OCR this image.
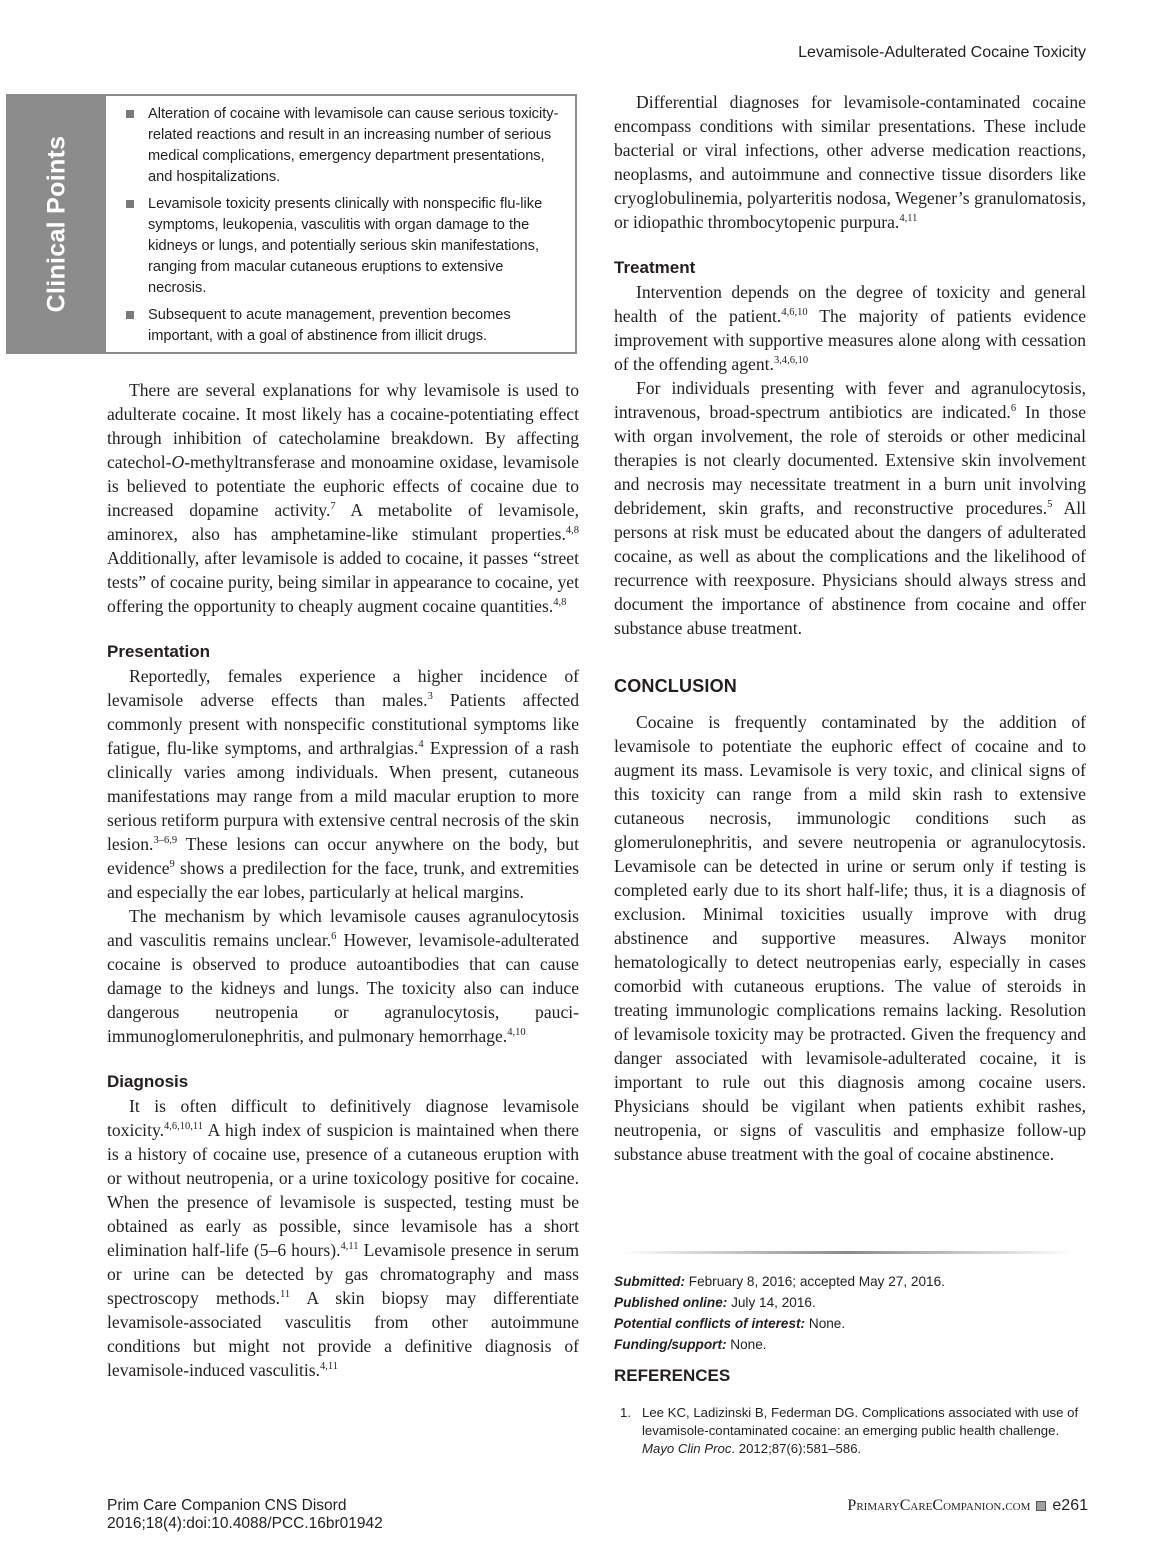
Levamisole-Adulterated Cocaine Toxicity
Clinical Points
Alteration of cocaine with levamisole can cause serious toxicity-related reactions and result in an increasing number of serious medical complications, emergency department presentations, and hospitalizations.
Levamisole toxicity presents clinically with nonspecific flu-like symptoms, leukopenia, vasculitis with organ damage to the kidneys or lungs, and potentially serious skin manifestations, ranging from macular cutaneous eruptions to extensive necrosis.
Subsequent to acute management, prevention becomes important, with a goal of abstinence from illicit drugs.

There are several explanations for why levamisole is used to adulterate cocaine. It most likely has a cocaine-potentiating effect through inhibition of catecholamine breakdown. By affecting catechol-O-methyltransferase and monoamine oxidase, levamisole is believed to potentiate the euphoric effects of cocaine due to increased dopamine activity.$^7$ A metabolite of levamisole, aminorex, also has amphetamine-like stimulant properties.$^{4,8}$ Additionally, after levamisole is added to cocaine, it passes “street tests” of cocaine purity, being similar in appearance to cocaine, yet offering the opportunity to cheaply augment cocaine quantities.$^{4,8}$

Presentation

Reportedly, females experience a higher incidence of levamisole adverse effects than males.$^3$ Patients affected commonly present with nonspecific constitutional symptoms like fatigue, flu-like symptoms, and arthralgias.$^4$ Expression of a rash clinically varies among individuals. When present, cutaneous manifestations may range from a mild macular eruption to more serious retiform purpura with extensive central necrosis of the skin lesion.$^{3-6,9}$ These lesions can occur anywhere on the body, but evidence$^9$ shows a predilection for the face, trunk, and extremities and especially the ear lobes, particularly at helical margins.

The mechanism by which levamisole causes agranulocytosis and vasculitis remains unclear.$^6$ However, levamisole-adulterated cocaine is observed to produce autoantibodies that can cause damage to the kidneys and lungs. The toxicity also can induce dangerous neutropenia or agranulocytosis, pauci-immunoglomerulonephritis, and pulmonary hemorrhage.$^{4,10}$

Diagnosis

It is often difficult to definitively diagnose levamisole toxicity.$^{4,6,10,11}$ A high index of suspicion is maintained when there is a history of cocaine use, presence of a cutaneous eruption with or without neutropenia, or a urine toxicology positive for cocaine. When the presence of levamisole is suspected, testing must be obtained as early as possible, since levamisole has a short elimination half-life (5–6 hours).$^{4,11}$ Levamisole presence in serum or urine can be detected by gas chromatography and mass spectroscopy methods.$^{11}$ A skin biopsy may differentiate levamisole-associated vasculitis from other autoimmune conditions but might not provide a definitive diagnosis of levamisole-induced vasculitis.$^{4,11}$

Differential diagnoses for levamisole-contaminated cocaine encompass conditions with similar presentations. These include bacterial or viral infections, other adverse medication reactions, neoplasms, and autoimmune and connective tissue disorders like cryoglobulinemia, polyarteritis nodosa, Wegener’s granulomatosis, or idiopathic thrombocytopenic purpura.$^{4,11}$

Treatment

Intervention depends on the degree of toxicity and general health of the patient.$^{4,6,10}$ The majority of patients evidence improvement with supportive measures alone along with cessation of the offending agent.$^{3,4,6,10}$

For individuals presenting with fever and agranulocytosis, intravenous, broad-spectrum antibiotics are indicated.$^6$ In those with organ involvement, the role of steroids or other medicinal therapies is not clearly documented. Extensive skin involvement and necrosis may necessitate treatment in a burn unit involving debridement, skin grafts, and reconstructive procedures.$^5$ All persons at risk must be educated about the dangers of adulterated cocaine, as well as about the complications and the likelihood of recurrence with reexposure. Physicians should always stress and document the importance of abstinence from cocaine and offer substance abuse treatment.

CONCLUSION

Cocaine is frequently contaminated by the addition of levamisole to potentiate the euphoric effect of cocaine and to augment its mass. Levamisole is very toxic, and clinical signs of this toxicity can range from a mild skin rash to extensive cutaneous necrosis, immunologic conditions such as glomerulonephritis, and severe neutropenia or agranulocytosis. Levamisole can be detected in urine or serum only if testing is completed early due to its short half-life; thus, it is a diagnosis of exclusion. Minimal toxicities usually improve with drug abstinence and supportive measures. Always monitor hematologically to detect neutropenias early, especially in cases comorbid with cutaneous eruptions. The value of steroids in treating immunologic complications remains lacking. Resolution of levamisole toxicity may be protracted. Given the frequency and danger associated with levamisole-adulterated cocaine, it is important to rule out this diagnosis among cocaine users. Physicians should be vigilant when patients exhibit rashes, neutropenia, or signs of vasculitis and emphasize follow-up substance abuse treatment with the goal of cocaine abstinence.

Submitted: February 8, 2016; accepted May 27, 2016.

Published online: July 14, 2016.

Potential conflicts of interest: None.

Funding/support: None.

REFERENCES
1. Lee KC, Ladizinski B, Federman DG. Complications associated with use of levamisole-contaminated cocaine: an emerging public health challenge. Mayo Clin Proc. 2012;87(6):581–586.
Prim Care Companion CNS Disord
2016;18(4):doi:10.4088/PCC.16br01942
PrimaryCareCompanion.com e261
